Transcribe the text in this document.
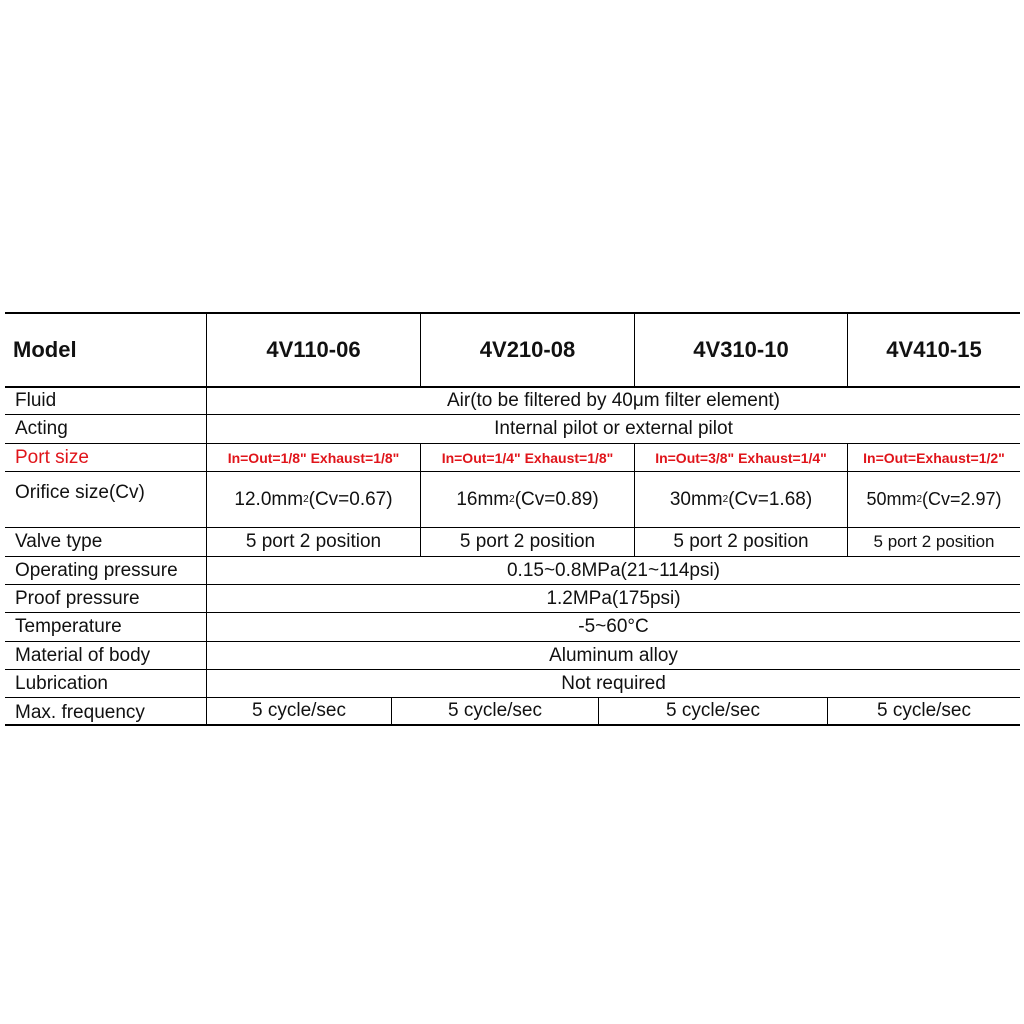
Model	4V110-06	4V210-08	4V310-10	4V410-15
Fluid	Air(to be filtered by 40μm filter element)
Acting	Internal pilot or external pilot
Port size	In=Out=1/8" Exhaust=1/8"	In=Out=1/4" Exhaust=1/8"	In=Out=3/8" Exhaust=1/4"	In=Out=Exhaust=1/2"
Orifice size(Cv)	12.0mm 2 (Cv=0.67)	16mm 2 (Cv=0.89)	30mm 2 (Cv=1.68)	50mm 2 (Cv=2.97)
Valve type	5 port 2 position	5 port 2 position	5 port 2 position	5 port 2 position
Operating pressure	0.15~0.8MPa(21~114psi)
Proof pressure	1.2MPa(175psi)
Temperature	-5~60°C
Material of body	Aluminum alloy
Lubrication	Not required
Max. frequency	5 cycle/sec	5 cycle/sec	5 cycle/sec	5 cycle/sec
